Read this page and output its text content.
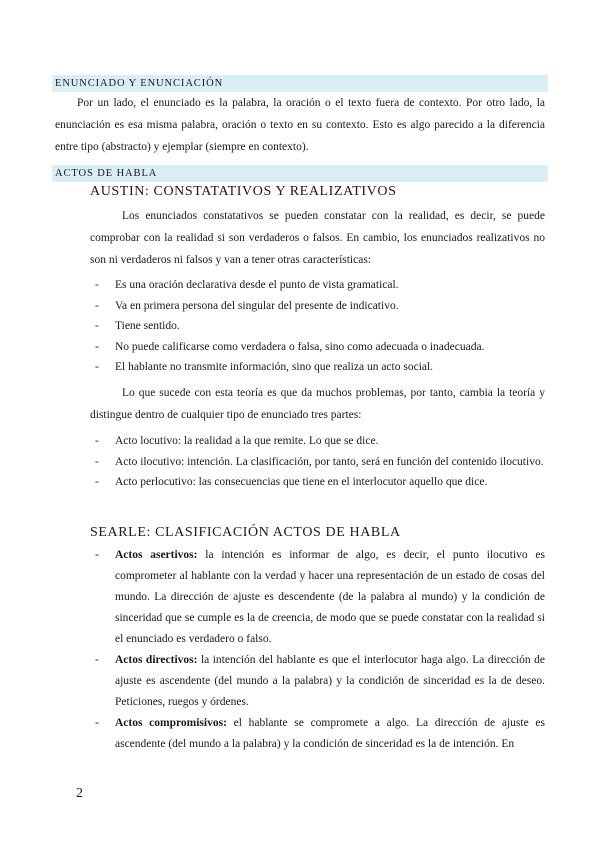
ENUNCIADO Y ENUNCIACIÓN

Por un lado, el enunciado es la palabra, la oración o el texto fuera de contexto. Por otro lado, la enunciación es esa misma palabra, oración o texto en su contexto. Esto es algo parecido a la diferencia entre tipo (abstracto) y ejemplar (siempre en contexto).

ACTOS DE HABLA
AUSTIN: CONSTATATIVOS Y REALIZATIVOS

Los enunciados constatativos se pueden constatar con la realidad, es decir, se puede comprobar con la realidad si son verdaderos o falsos. En cambio, los enunciados realizativos no son ni verdaderos ni falsos y van a tener otras características:

- Es una oración declarativa desde el punto de vista gramatical.
- Va en primera persona del singular del presente de indicativo.
- Tiene sentido.
- No puede calificarse como verdadera o falsa, sino como adecuada o inadecuada.
- El hablante no transmite información, sino que realiza un acto social.

Lo que sucede con esta teoría es que da muchos problemas, por tanto, cambia la teoría y distingue dentro de cualquier tipo de enunciado tres partes:

- Acto locutivo: la realidad a la que remite. Lo que se dice.
- Acto ilocutivo: intención. La clasificación, por tanto, será en función del contenido ilocutivo.
- Acto perlocutivo: las consecuencias que tiene en el interlocutor aquello que dice.
SEARLE: CLASIFICACIÓN ACTOS DE HABLA
- Actos asertivos: la intención es informar de algo, es decir, el punto ilocutivo es comprometer al hablante con la verdad y hacer una representación de un estado de cosas del mundo. La dirección de ajuste es descendente (de la palabra al mundo) y la condición de sinceridad que se cumple es la de creencia, de modo que se puede constatar con la realidad si el enunciado es verdadero o falso.
- Actos directivos: la intención del hablante es que el interlocutor haga algo. La dirección de ajuste es ascendente (del mundo a la palabra) y la condición de sinceridad es la de deseo. Peticiones, ruegos y órdenes.
- Actos compromisivos: el hablante se compromete a algo. La dirección de ajuste es ascendente (del mundo a la palabra) y la condición de sinceridad es la de intención. En
2
